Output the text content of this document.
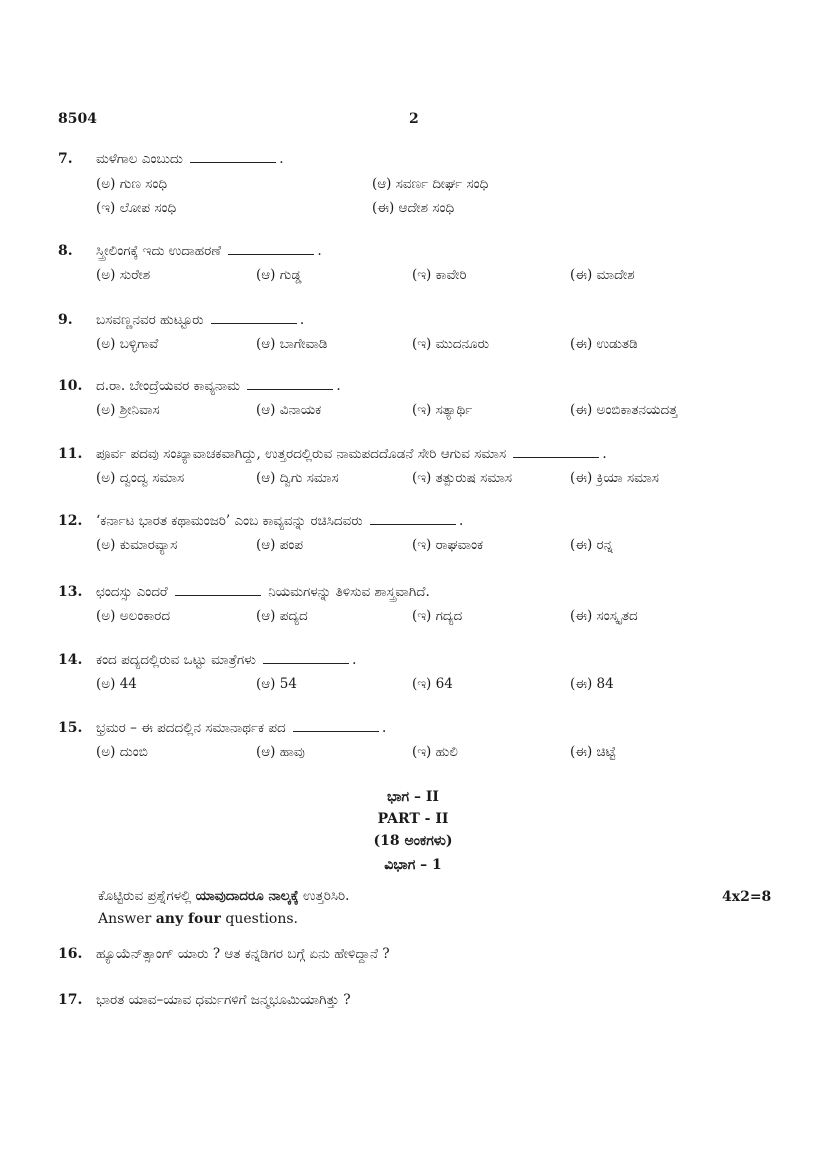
8504	2
7. ಮಳೆಗಾಲ ಎಂಬುದು	.
(ಅ) ಗುಣ ಸಂಧಿ	(ಆ) ಸವರ್ಣ ದೀರ್ಘ ಸಂಧಿ
(ಇ) ಲೋಪ ಸಂಧಿ	(ಈ) ಆದೇಶ ಸಂಧಿ
8. ಸ್ತ್ರೀಲಿಂಗಕ್ಕೆ ಇದು ಉದಾಹರಣೆ	.
(ಅ) ಸುರೇಶ	(ಆ) ಗುಡ್ಡ	(ಇ) ಕಾವೇರಿ	(ಈ) ಮಾದೇಶ
9. ಬಸವಣ್ಣನವರ ಹುಟ್ಟೂರು	.
(ಅ) ಬಳ್ಳಿಗಾವೆ	(ಆ) ಬಾಗೇವಾಡಿ	(ಇ) ಮುದನೂರು	(ಈ) ಉಡುತಡಿ
10. ದ.ರಾ. ಬೇಂದ್ರೆಯವರ ಕಾವ್ಯನಾಮ	.
(ಅ) ಶ್ರೀನಿವಾಸ	(ಆ) ವಿನಾಯಕ	(ಇ) ಸತ್ಯಾರ್ಥಿ	(ಈ) ಅಂಬಿಕಾತನಯದತ್ತ
11. ಪೂರ್ವ ಪದವು ಸಂಖ್ಯಾವಾಚಕವಾಗಿದ್ದು, ಉತ್ತರದಲ್ಲಿರುವ ನಾಮಪದದೊಡನೆ ಸೇರಿ ಆಗುವ ಸಮಾಸ	.
(ಅ) ದ್ವಂದ್ವ ಸಮಾಸ	(ಆ) ದ್ವಿಗು ಸಮಾಸ	(ಇ) ತತ್ಪುರುಷ ಸಮಾಸ	(ಈ) ಕ್ರಿಯಾ ಸಮಾಸ
12. ‘ಕರ್ನಾಟ ಭಾರತ ಕಥಾಮಂಜರಿ’ ಎಂಬ ಕಾವ್ಯವನ್ನು ರಚಿಸಿದವರು	.
(ಅ) ಕುಮಾರವ್ಯಾಸ	(ಆ) ಪಂಪ	(ಇ) ರಾಘವಾಂಕ	(ಈ) ರನ್ನ
13. ಛಂದಸ್ಸು ಎಂದರೆ	ನಿಯಮಗಳನ್ನು ತಿಳಿಸುವ ಶಾಸ್ತ್ರವಾಗಿದೆ.
(ಅ) ಅಲಂಕಾರದ	(ಆ) ಪದ್ಯದ	(ಇ) ಗದ್ಯದ	(ಈ) ಸಂಸ್ಕೃತದ
14. ಕಂದ ಪದ್ಯದಲ್ಲಿರುವ ಒಟ್ಟು ಮಾತ್ರೆಗಳು	.
(ಅ) 44	(ಆ) 54	(ಇ) 64	(ಈ) 84
15. ಭ್ರಮರ – ಈ ಪದದಲ್ಲಿನ ಸಮಾನಾರ್ಥಕ ಪದ	.
(ಅ) ದುಂಬಿ	(ಆ) ಹಾವು	(ಇ) ಹುಲಿ	(ಈ) ಚಿಟ್ಟೆ
ಭಾಗ – II
PART - II
(18 ಅಂಕಗಳು)
ವಿಭಾಗ – 1
ಕೊಟ್ಟಿರುವ ಪ್ರಶ್ನೆಗಳಲ್ಲಿ ಯಾವುದಾದರೂ ನಾಲ್ಕಕ್ಕೆ ಉತ್ತರಿಸಿರಿ.	4x2=8
Answer any four questions.
16. ಹ್ಯೂಯೆನ್‌ತ್ಸಾಂಗ್ ಯಾರು ? ಆತ ಕನ್ನಡಿಗರ ಬಗ್ಗೆ ಏನು ಹೇಳಿದ್ದಾನೆ ?
17. ಭಾರತ ಯಾವ–ಯಾವ ಧರ್ಮಗಳಿಗೆ ಜನ್ಮಭೂಮಿಯಾಗಿತ್ತು ?
